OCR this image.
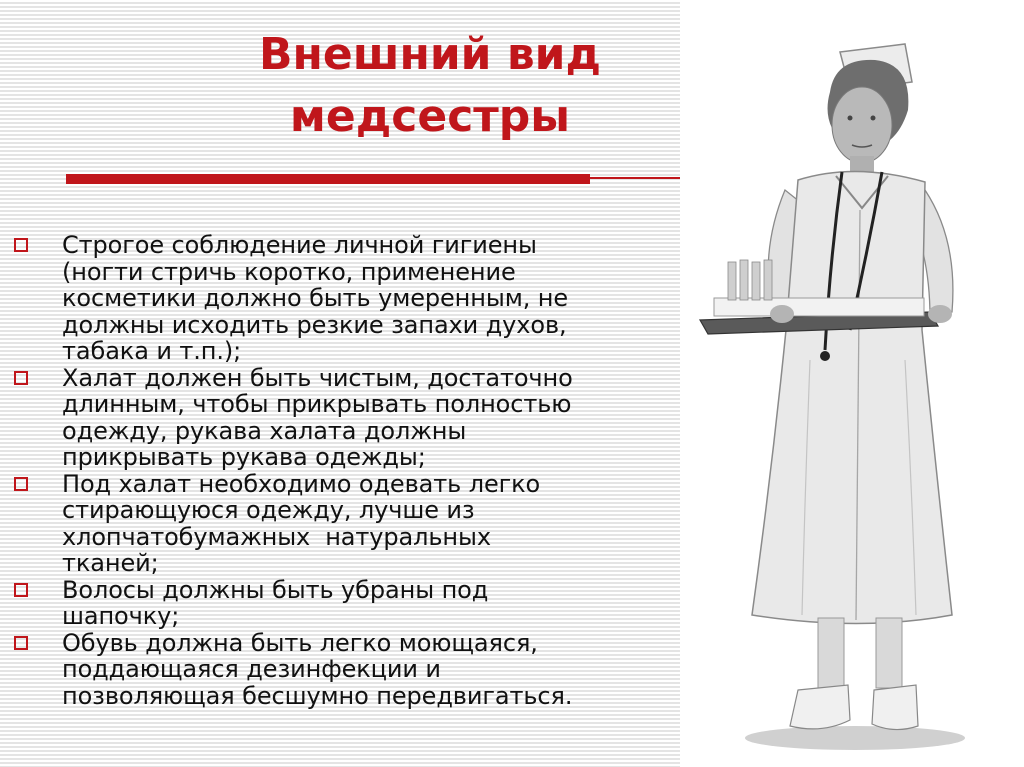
Внешний вид
медсестры
Строгое соблюдение личной гигиены
(ногти стричь коротко, применение
косметики должно быть умеренным, не
должны исходить резкие запахи духов,
табака и т.п.);
Халат должен быть чистым, достаточно
длинным, чтобы прикрывать полностью
одежду, рукава халата должны
прикрывать рукава одежды;
Под халат необходимо одевать легко
стирающуюся одежду, лучше из
хлопчатобумажных  натуральных
тканей;
Волосы должны быть убраны под
шапочку;
Обувь должна быть легко моющаяся,
поддающаяся дезинфекции и
позволяющая бесшумно передвигаться.
